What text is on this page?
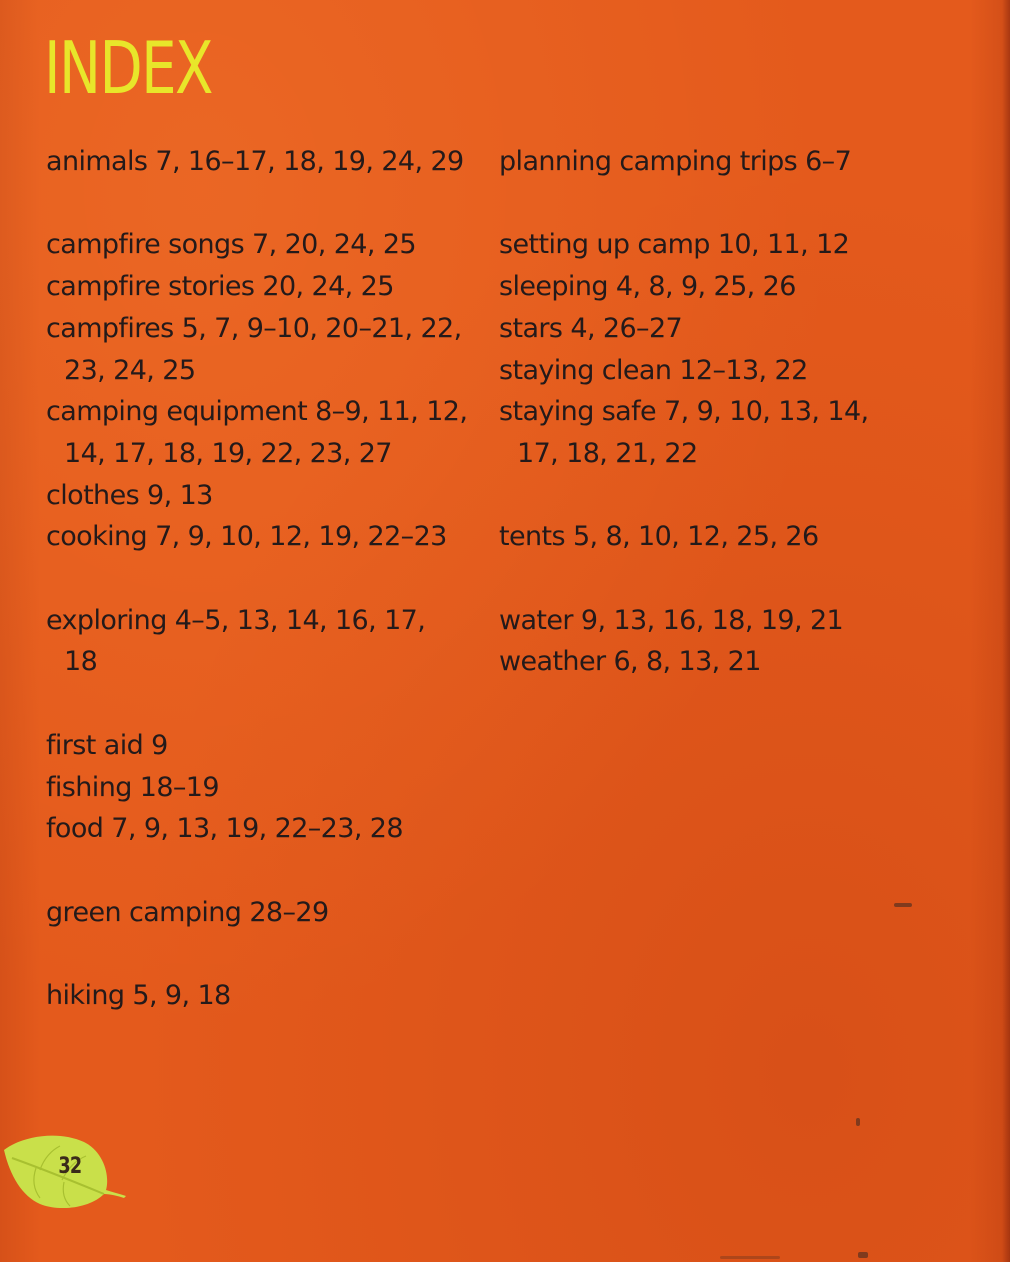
INDEX
animals 7, 16–17, 18, 19, 24, 29
campfire songs 7, 20, 24, 25
campfire stories 20, 24, 25
campfires 5, 7, 9–10, 20–21, 22,
23, 24, 25
camping equipment 8–9, 11, 12,
14, 17, 18, 19, 22, 23, 27
clothes 9, 13
cooking 7, 9, 10, 12, 19, 22–23
exploring 4–5, 13, 14, 16, 17,
18
first aid 9
fishing 18–19
food 7, 9, 13, 19, 22–23, 28
green camping 28–29
hiking 5, 9, 18
planning camping trips 6–7
setting up camp 10, 11, 12
sleeping 4, 8, 9, 25, 26
stars 4, 26–27
staying clean 12–13, 22
staying safe 7, 9, 10, 13, 14,
17, 18, 21, 22
tents 5, 8, 10, 12, 25, 26
water 9, 13, 16, 18, 19, 21
weather 6, 8, 13, 21
32
